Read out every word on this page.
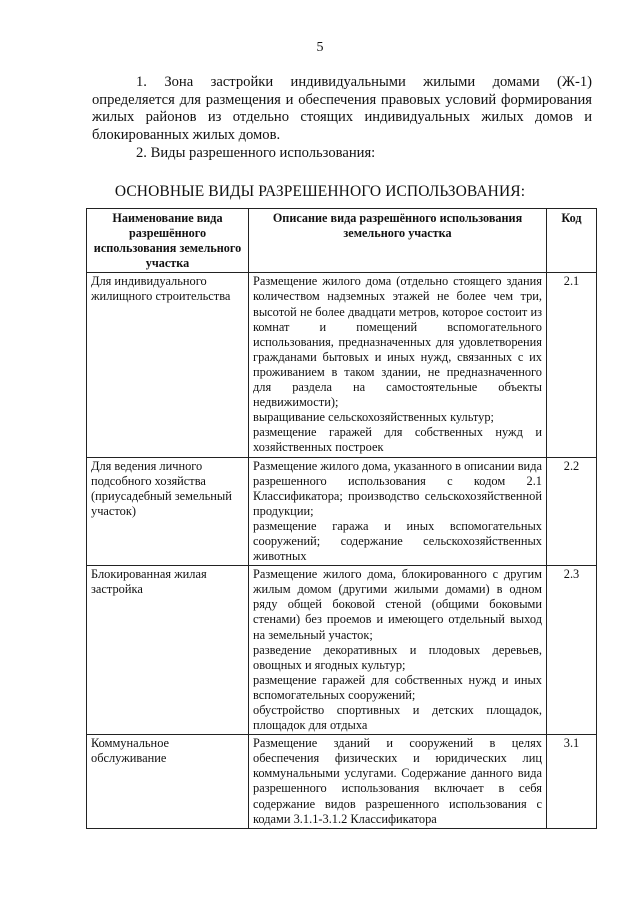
5

1. Зона застройки индивидуальными жилыми домами (Ж-1) определяется для размещения и обеспечения правовых условий формирования жилых районов из отдельно стоящих индивидуальных жилых домов и блокированных жилых домов.

2. Виды разрешенного использования:

ОСНОВНЫЕ ВИДЫ РАЗРЕШЕННОГО ИСПОЛЬЗОВАНИЯ:
Наименование вида разрешённого использования земельного участка	Описание вида разрешённого использования земельного участка	Код
Для индивидуального жилищного строительства	Размещение жилого дома (отдельно стоящего здания количеством надземных этажей не более чем три, высотой не более двадцати метров, которое состоит из комнат и помещений вспомогательного использования, предназначенных для удовлетворения гражданами бытовых и иных нужд, связанных с их проживанием в таком здании, не предназначенного для раздела на самостоятельные объекты недвижимости);
выращивание сельскохозяйственных культур;
размещение гаражей для собственных нужд и хозяйственных построек	2.1
Для ведения личного подсобного хозяйства (приусадебный земельный участок)	Размещение жилого дома, указанного в описании вида разрешенного использования с кодом 2.1 Классификатора; производство сельскохозяйственной продукции;
размещение гаража и иных вспомогательных сооружений; содержание сельскохозяйственных животных	2.2
Блокированная жилая застройка	Размещение жилого дома, блокированного с другим жилым домом (другими жилыми домами) в одном ряду общей боковой стеной (общими боковыми стенами) без проемов и имеющего отдельный выход на земельный участок;
разведение декоративных и плодовых деревьев, овощных и ягодных культур;
размещение гаражей для собственных нужд и иных вспомогательных сооружений;
обустройство спортивных и детских площадок, площадок для отдыха	2.3
Коммунальное обслуживание	Размещение зданий и сооружений в целях обеспечения физических и юридических лиц коммунальными услугами. Содержание данного вида разрешенного использования включает в себя содержание видов разрешенного использования с кодами 3.1.1-3.1.2 Классификатора	3.1
